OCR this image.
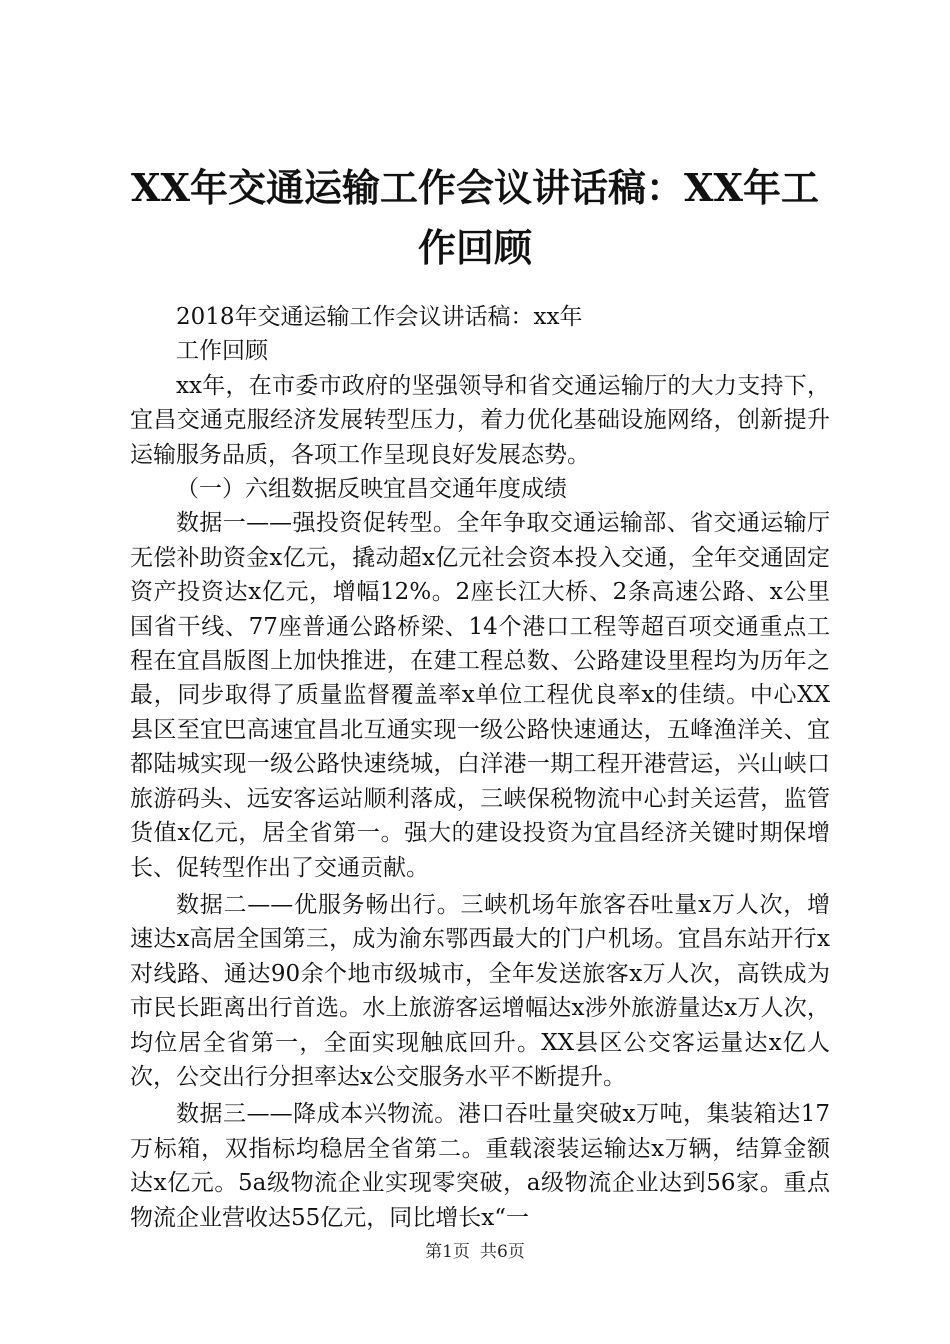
XX年交通运输工作会议讲话稿：XX年工作回顾

2018年交通运输工作会议讲话稿：xx年

工作回顾

xx年，在市委市政府的坚强领导和省交通运输厅的大力支持下，宜昌交通克服经济发展转型压力，着力优化基础设施网络，创新提升运输服务品质，各项工作呈现良好发展态势。

（一）六组数据反映宜昌交通年度成绩

数据一——强投资促转型。全年争取交通运输部、省交通运输厅无偿补助资金x亿元，撬动超x亿元社会资本投入交通，全年交通固定资产投资达x亿元，增幅12%。2座长江大桥、2条高速公路、x公里国省干线、77座普通公路桥梁、14个港口工程等超百项交通重点工程在宜昌版图上加快推进，在建工程总数、公路建设里程均为历年之最，同步取得了质量监督覆盖率x单位工程优良率x的佳绩。中心XX县区至宜巴高速宜昌北互通实现一级公路快速通达，五峰渔洋关、宜都陆城实现一级公路快速绕城，白洋港一期工程开港营运，兴山峡口旅游码头、远安客运站顺利落成，三峡保税物流中心封关运营，监管货值x亿元，居全省第一。强大的建设投资为宜昌经济关键时期保增长、促转型作出了交通贡献。

数据二——优服务畅出行。三峡机场年旅客吞吐量x万人次，增速达x高居全国第三，成为渝东鄂西最大的门户机场。宜昌东站开行x对线路、通达90余个地市级城市，全年发送旅客x万人次，高铁成为市民长距离出行首选。水上旅游客运增幅达x涉外旅游量达x万人次，均位居全省第一，全面实现触底回升。XX县区公交客运量达x亿人次，公交出行分担率达x公交服务水平不断提升。

数据三——降成本兴物流。港口吞吐量突破x万吨，集装箱达17万标箱，双指标均稳居全省第二。重载滚装运输达x万辆，结算金额达x亿元。5a级物流企业实现零突破，a级物流企业达到56家。重点物流企业营收达55亿元，同比增长x“一

第1页 共6页
